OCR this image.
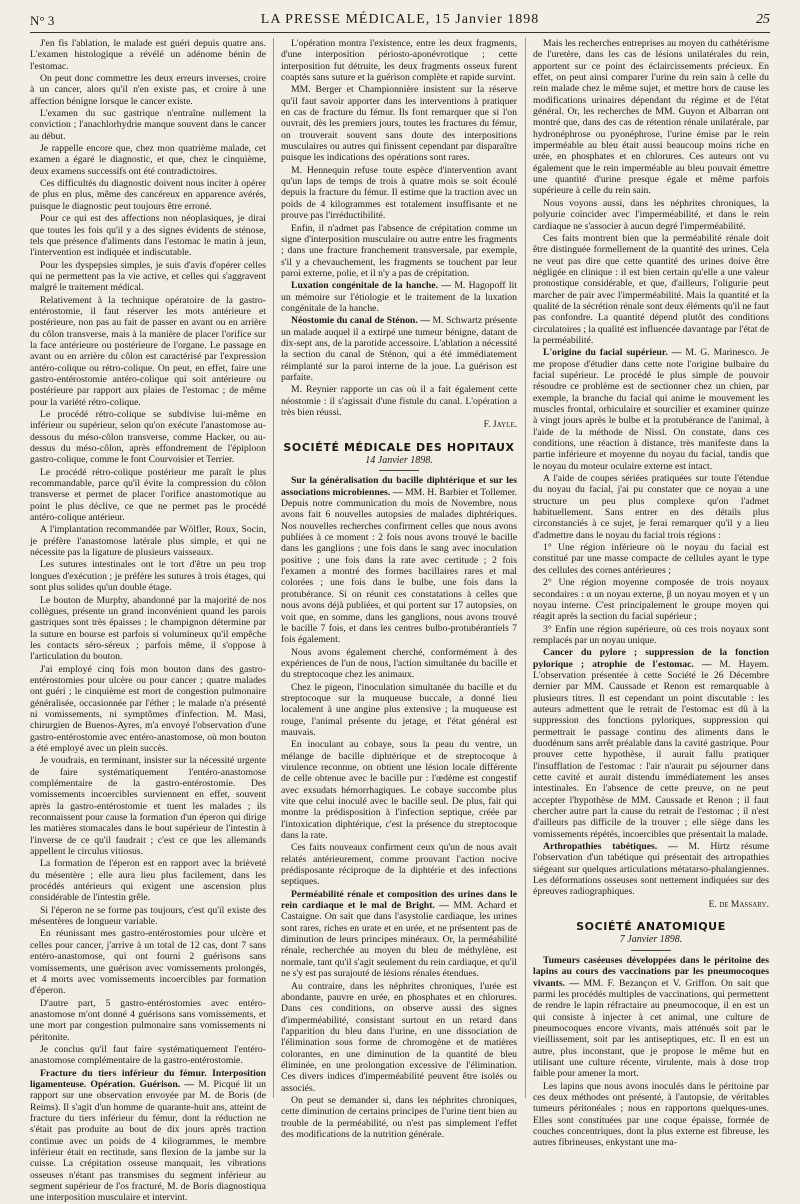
N° 3	LA PRESSE MÉDICALE, 15 Janvier 1898	25

J'en fis l'ablation, le malade est guéri depuis quatre ans. L'examen histologique a révélé un adénome bénin de l'estomac.

On peut donc commettre les deux erreurs inverses, croire à un cancer, alors qu'il n'en existe pas, et croire à une affection bénigne lorsque le cancer existe.

L'examen du suc gastrique n'entraîne nullement la conviction ; l'anachlorhydrie manque souvent dans le cancer au début.

Je rappelle encore que, chez mon quatrième malade, cet examen a égaré le diagnostic, et que, chez le cinquième, deux examens successifs ont été contradictoires.

Ces difficultés du diagnostic doivent nous inciter à opérer de plus en plus, même des cancéreux en apparence avérés, puisque le diagnostic peut toujours être erroné.

Pour ce qui est des affections non néoplasiques, je dirai que toutes les fois qu'il y a des signes évidents de sténose, tels que présence d'aliments dans l'estomac le matin à jeun, l'intervention est indiquée et indiscutable.

Pour les dyspepsies simples, je suis d'avis d'opérer celles qui ne permettent pas la vie active, et celles qui s'aggravent malgré le traitement médical.

Relativement à la technique opératoire de la gastro-entérostomie, il faut réserver les mots antérieure et postérieure, non pas au fait de passer en avant ou en arrière du côlon transverse, mais à la manière de placer l'orifice sur la face antérieure ou postérieure de l'organe. Le passage en avant ou en arrière du côlon est caractérisé par l'expression antéro-colique ou rétro-colique. On peut, en effet, faire une gastro-entérostomie antéro-colique qui soit antérieure ou postérieure par rapport aux plaies de l'estomac ; de même pour la variété rétro-colique.

Le procédé rétro-colique se subdivise lui-même en inférieur ou supérieur, selon qu'on exécute l'anastomose au-dessous du méso-côlon transverse, comme Hacker, ou au-dessus du méso-côlon, après effondrement de l'épiploon gastro-colique, comme le font Courvoisier et Terrier.

Le procédé rétro-colique postérieur me paraît le plus recommandable, parce qu'il évite la compression du côlon transverse et permet de placer l'orifice anastomotique au point le plus déclive, ce que ne permet pas le procédé antéro-colique antérieur.

A l'implantation recommandée par Wölfler, Roux, Socin, je préfère l'anastomose latérale plus simple, et qui ne nécessite pas la ligature de plusieurs vaisseaux.

Les sutures intestinales ont le tort d'être un peu trop longues d'exécution ; je préfère les sutures à trois étages, qui sont plus solides qu'un double étage.

Le bouton de Murphy, abandonné par la majorité de nos collègues, présente un grand inconvénient quand les parois gastriques sont très épaisses ; le champignon détermine par la suture en bourse est parfois si volumineux qu'il empêche les contacts séro-séreux ; parfois même, il s'oppose à l'articulation du bouton.

J'ai employé cinq fois mon bouton dans des gastro-entérostomies pour ulcère ou pour cancer ; quatre malades ont guéri ; le cinquième est mort de congestion pulmonaire généralisée, occasionnée par l'éther ; le malade n'a présenté ni vomissements, ni symptômes d'infection. M. Masi, chirurgien de Buenos-Ayres, m'a envoyé l'observation d'une gastro-entérostomie avec entéro-anastomose, où mon bouton a été employé avec un plein succès.

Je voudrais, en terminant, insister sur la nécessité urgente de faire systématiquement l'entéro-anastomose complémentaire de la gastro-entérostomie. Des vomissements incoercibles surviennent en effet, souvent après la gastro-entérostomie et tuent les malades ; ils reconnaissent pour cause la formation d'un éperon qui dirige les matières stomacales dans le bout supérieur de l'intestin à l'inverse de ce qu'il faudrait ; c'est ce que les allemands appellent le circulus vitiosus.

La formation de l'éperon est en rapport avec la brièveté du mésentère ; elle aura lieu plus facilement, dans les procédés antérieurs qui exigent une ascension plus considérable de l'intestin grêle.

Si l'éperon ne se forme pas toujours, c'est qu'il existe des mésentères de longueur variable.

En réunissant mes gastro-entérostomies pour ulcère et celles pour cancer, j'arrive à un total de 12 cas, dont 7 sans entéro-anastomose, qui ont fourni 2 guérisons sans vomissements, une guérison avec vomissements prolongés, et 4 morts avec vomissements incoercibles par formation d'éperon.

D'autre part, 5 gastro-entérostomies avec entéro-anastomose m'ont donné 4 guérisons sans vomissements, et une mort par congestion pulmonaire sans vomissements ni péritonite.

Je conclus qu'il faut faire systématiquement l'entéro-anastomose complémentaire de la gastro-entérostomie.

Fracture du tiers inférieur du fémur. Interposition ligamenteuse. Opération. Guérison. — M. Picqué lit un rapport sur une observation envoyée par M. de Boris (de Reims). Il s'agit d'un homme de quarante-huit ans, atteint de fracture du tiers inférieur du fémur, dont la réduction ne s'était pas produite au bout de dix jours après traction continue avec un poids de 4 kilogrammes, le membre inférieur était en rectitude, sans flexion de la jambe sur la cuisse. La crépitation osseuse manquait, les vibrations osseuses n'étant pas transmises du segment inférieur au segment supérieur de l'os fracturé, M. de Boris diagnostiqua une interposition musculaire et intervint.

L'opération montra l'existence, entre les deux fragments, d'une interposition périosto-aponévrotique ; cette interposition fut détruite, les deux fragments osseux furent coaptés sans suture et la guérison complète et rapide survint.

MM. Berger et Championnière insistent sur la réserve qu'il faut savoir apporter dans les interventions à pratiquer en cas de fracture du fémur. Ils font remarquer que si l'on ouvrait, dès les premiers jours, toutes les fractures du fémur, on trouverait souvent sans doute des interpositions musculaires ou autres qui finissent cependant par disparaître puisque les indications des opérations sont rares.

M. Hennequin refuse toute espèce d'intervention avant qu'un laps de temps de trois à quatre mois se soit écoulé depuis la fracture du fémur. Il estime que la traction avec un poids de 4 kilogrammes est totalement insuffisante et ne prouve pas l'irréductibilité.

Enfin, il n'admet pas l'absence de crépitation comme un signe d'interposition musculaire ou autre entre les fragments ; dans une fracture franchement transversale, par exemple, s'il y a chevauchement, les fragments se touchent par leur paroi externe, polie, et il n'y a pas de crépitation.

Luxation congénitale de la hanche. — M. Hagopoff lit un mémoire sur l'étiologie et le traitement de la luxation congénitale de la hanche.

Néostomie du canal de Sténon. — M. Schwartz présente un malade auquel il a extirpé une tumeur bénigne, datant de dix-sept ans, de la parotide accessoire. L'ablation a nécessité la section du canal de Sténon, qui a été immédiatement réimplanté sur la paroi interne de la joue. La guérison est parfaite.

M. Reynier rapporte un cas où il a fait également cette néostomie : il s'agissait d'une fistule du canal. L'opération a très bien réussi.

F. Jayle.
SOCIÉTÉ MÉDICALE DES HOPITAUX
14 Janvier 1898.

Sur la généralisation du bacille diphtérique et sur les associations microbiennes. — MM. H. Barbier et Tollemer. Depuis notre communication du mois de Novembre, nous avons fait 6 nouvelles autopsies de malades diphtériques. Nos nouvelles recherches confirment celles que nous avons publiées à ce moment : 2 fois nous avons trouvé le bacille dans les ganglions ; une fois dans le sang avec inoculation positive ; une fois dans la rate avec certitude ; 2 fois l'examen a montré des formes bacillaires rares et mal colorées ; une fois dans le bulbe, une fois dans la protubérance. Si on réunit ces constatations à celles que nous avons déjà publiées, et qui portent sur 17 autopsies, on voit que, en somme, dans les ganglions, nous avons trouvé le bacille 7 fois, et dans les centres bulbo-protubérantiels 7 fois également.

Nous avons également cherché, conformément à des expériences de l'un de nous, l'action simultanée du bacille et du streptocoque chez les animaux.

Chez le pigeon, l'inoculation simultanée du bacille et du streptocoque sur la muqueuse buccale, a donné lieu localement à une angine plus extensive ; la muqueuse est rouge, l'animal présente du jetage, et l'état général est mauvais.

En inoculant au cobaye, sous la peau du ventre, un mélange de bacille diphtérique et de streptocoque à virulence reconnue, on obtient une lésion locale différente de celle obtenue avec le bacille pur : l'œdème est congestif avec exsudats hémorrhagiques. Le cobaye succombe plus vite que celui inoculé avec le bacille seul. De plus, fait qui montre la prédisposition à l'infection septique, créée par l'intoxication diphtérique, c'est la présence du streptocoque dans la rate.

Ces faits nouveaux confirment ceux qu'un de nous avait relatés antérieurement, comme prouvant l'action nocive prédisposante réciproque de la diphtérie et des infections septiques.

Perméabilité rénale et composition des urines dans le rein cardiaque et le mal de Bright. — MM. Achard et Castaigne. On sait que dans l'asystolie cardiaque, les urines sont rares, riches en urate et en urée, et ne présentent pas de diminution de leurs principes minéraux. Or, la perméabilité rénale, recherchée au moyen du bleu de méthylène, est normale, tant qu'il s'agit seulement du rein cardiaque, et qu'il ne s'y est pas surajouté de lésions rénales étendues.

Au contraire, dans les néphrites chroniques, l'urée est abondante, pauvre en urée, en phosphates et en chlorures. Dans ces conditions, on observe aussi des signes d'imperméabilité, consistant surtout en un retard dans l'apparition du bleu dans l'urine, en une dissociation de l'élimination sous forme de chromogène et de matières colorantes, en une diminution de la quantité de bleu éliminée, en une prolongation excessive de l'élimination. Ces divers indices d'imperméabilité peuvent être isolés ou associés.

On peut se demander si, dans les néphrites chroniques, cette diminution de certains principes de l'urine tient bien au trouble de la perméabilité, ou n'est pas simplement l'effet des modifications de la nutrition générale.

Mais les recherches entreprises au moyen du cathétérisme de l'uretère, dans les cas de lésions unilatérales du rein, apportent sur ce point des éclaircissements précieux. En effet, on peut ainsi comparer l'urine du rein sain à celle du rein malade chez le même sujet, et mettre hors de cause les modifications urinaires dépendant du régime et de l'état général. Or, les recherches de MM. Guyon et Albarran ont montré que, dans des cas de rétention rénale unilatérale, par hydronéphrose ou pyonéphrose, l'urine émise par le rein imperméable au bleu était aussi beaucoup moins riche en urée, en phosphates et en chlorures. Ces auteurs ont vu également que le rein imperméable au bleu pouvait émettre une quantité d'urine presque égale et même parfois supérieure à celle du rein sain.

Nous voyons aussi, dans les néphrites chroniques, la polyurie coïncider avec l'imperméabilité, et dans le rein cardiaque ne s'associer à aucun degré l'imperméabilité.

Ces faits montrent bien que la perméabilité rénale doit être distinguée formellement de la quantité des urines. Cela ne veut pas dire que cette quantité des urines doive être négligée en clinique : il est bien certain qu'elle a une valeur pronostique considérable, et que, d'ailleurs, l'oligurie peut marcher de pair avec l'imperméabilité. Mais la quantité et la qualité de la sécrétion rénale sont deux éléments qu'il ne faut pas confondre. La quantité dépend plutôt des conditions circulatoires ; la qualité est influencée davantage par l'état de la perméabilité.

L'origine du facial supérieur. — M. G. Marinesco. Je me propose d'étudier dans cette note l'origine bulbaire du facial supérieur. Le procédé le plus simple de pouvoir résoudre ce problème est de sectionner chez un chien, par exemple, la branche du facial qui anime le mouvement les muscles frontal, orbiculaire et sourcilier et examiner quinze à vingt jours après le bulbe et la protubérance de l'animal, à l'aide de la méthode de Nissl. On constate, dans ces conditions, une réaction à distance, très manifeste dans la partie inférieure et moyenne du noyau du facial, tandis que le noyau du moteur oculaire externe est intact.

A l'aide de coupes sériées pratiquées sur toute l'étendue du noyau du facial, j'ai pu constater que ce noyau a une structure un peu plus complexe qu'on l'admet habituellement. Sans entrer en des détails plus circonstanciés à ce sujet, je ferai remarquer qu'il y a lieu d'admettre dans le noyau du facial trois régions :

1° Une région inférieure où le noyau du facial est constitué par une masse compacte de cellules ayant le type des cellules des cornes antérieures ;

2° Une région moyenne composée de trois noyaux secondaires : α un noyau externe, β un noyau moyen et γ un noyau interne. C'est principalement le groupe moyen qui réagit après la section du facial supérieur ;

3° Enfin une région supérieure, où ces trois noyaux sont remplacés par un noyau unique.

Cancer du pylore ; suppression de la fonction pylorique ; atrophie de l'estomac. — M. Hayem. L'observation présentée à cette Société le 26 Décembre dernier par MM. Caussade et Renon est remarquable à plusieurs titres. Il est cependant un point discutable : les auteurs admettent que le retrait de l'estomac est dû à la suppression des fonctions pyloriques, suppression qui permettrait le passage continu des aliments dans le duodénum sans arrêt préalable dans la cavité gastrique. Pour prouver cette hypothèse, il aurait fallu pratiquer l'insufflation de l'estomac : l'air n'aurait pu séjourner dans cette cavité et aurait distendu immédiatement les anses intestinales. En l'absence de cette preuve, on ne peut accepter l'hypothèse de MM. Caussade et Renon ; il faut chercher autre part la cause du retrait de l'estomac ; il n'est d'ailleurs pas difficile de la trouver ; elle siège dans les vomissements répétés, incoercibles que présentait la malade.

Arthropathies tabétiques. — M. Hirtz résume l'observation d'un tabétique qui présentait des artropathies siégeant sur quelques articulations métatarso-phalangiennes. Les déformations osseuses sont nettement indiquées sur des épreuves radiographiques.

E. de Massary.
SOCIÉTÉ ANATOMIQUE
7 Janvier 1898.

Tumeurs caséeuses développées dans le péritoine des lapins au cours des vaccinations par les pneumocoques vivants. — MM. F. Bezançon et V. Griffon. On sait que parmi les procédés multiples de vaccinations, qui permettent de rendre le lapin réfractaire au pneumocoque, il en est un qui consiste à injecter à cet animal, une culture de pneumocoques encore vivants, mais atténués soit par le vieillissement, soit par les antiseptiques, etc. Il en est un autre, plus inconstant, que je propose le même but en utilisant une culture récente, virulente, mais à dose trop faible pour amener la mort.

Les lapins que nous avons inoculés dans le péritoine par ces deux méthodes ont présenté, à l'autopsie, de véritables tumeurs péritonéales ; nous en rapportons quelques-unes. Elles sont constituées par une coque épaisse, formée de couches concentriques, dont la plus externe est fibreuse, les autres fibrineuses, enkystant une ma-
